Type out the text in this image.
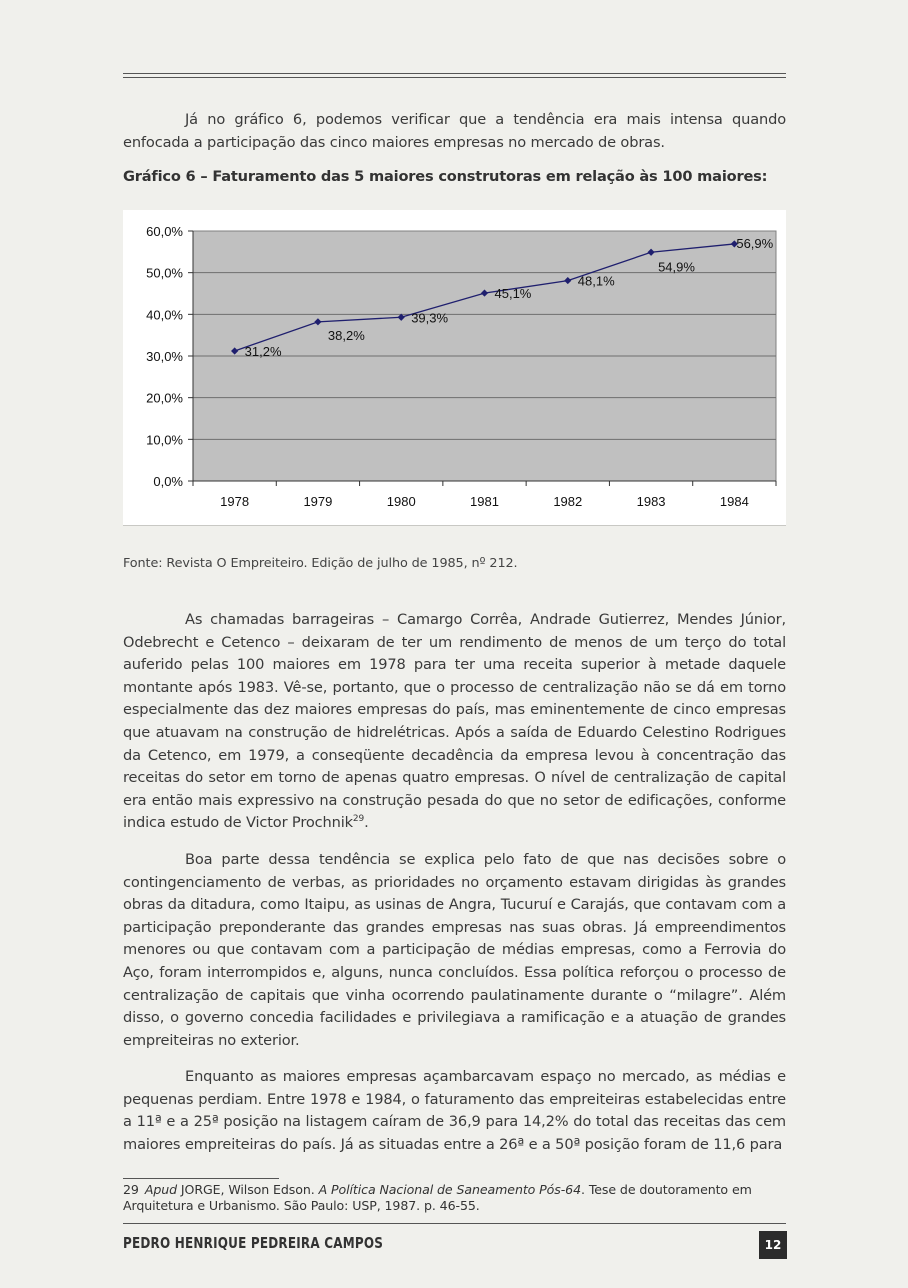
Já no gráfico 6, podemos verificar que a tendência era mais intensa quando enfocada a participação das cinco maiores empresas no mercado de obras.

Gráfico 6 – Faturamento das 5 maiores construtoras em relação às 100 maiores:

0,0%
10,0%
20,0%
30,0%
40,0%
50,0%
60,0%
1978	1979	1980	1981	1982	1983	1984
31,2%
38,2%
39,3%
45,1%
48,1%
54,9%
56,9%

Fonte: Revista O Empreiteiro. Edição de julho de 1985, nº 212.

As chamadas barrageiras – Camargo Corrêa, Andrade Gutierrez, Mendes Júnior, Odebrecht e Cetenco – deixaram de ter um rendimento de menos de um terço do total auferido pelas 100 maiores em 1978 para ter uma receita superior à metade daquele montante após 1983. Vê-se, portanto, que o processo de centralização não se dá em torno especialmente das dez maiores empresas do país, mas eminentemente de cinco empresas que atuavam na construção de hidrelétricas. Após a saída de Eduardo Celestino Rodrigues da Cetenco, em 1979, a conseqüente decadência da empresa levou à concentração das receitas do setor em torno de apenas quatro empresas. O nível de centralização de capital era então mais expressivo na construção pesada do que no setor de edificações, conforme indica estudo de Victor Prochnik$^{29}$.

Boa parte dessa tendência se explica pelo fato de que nas decisões sobre o contingenciamento de verbas, as prioridades no orçamento estavam dirigidas às grandes obras da ditadura, como Itaipu, as usinas de Angra, Tucuruí e Carajás, que contavam com a participação preponderante das grandes empresas nas suas obras. Já empreendimentos menores ou que contavam com a participação de médias empresas, como a Ferrovia do Aço, foram interrompidos e, alguns, nunca concluídos. Essa política reforçou o processo de centralização de capitais que vinha ocorrendo paulatinamente durante o “milagre”. Além disso, o governo concedia facilidades e privilegiava a ramificação e a atuação de grandes empreiteiras no exterior.

Enquanto as maiores empresas açambarcavam espaço no mercado, as médias e pequenas perdiam. Entre 1978 e 1984, o faturamento das empreiteiras estabelecidas entre a 11ª e a 25ª posição na listagem caíram de 36,9 para 14,2% do total das receitas das cem maiores empreiteiras do país. Já as situadas entre a 26ª e a 50ª posição foram de 11,6 para

29 Apud JORGE, Wilson Edson. A Política Nacional de Saneamento Pós-64. Tese de doutoramento em Arquitetura e Urbanismo. São Paulo: USP, 1987. p. 46-55.

PEDRO HENRIQUE PEDREIRA CAMPOS	12
